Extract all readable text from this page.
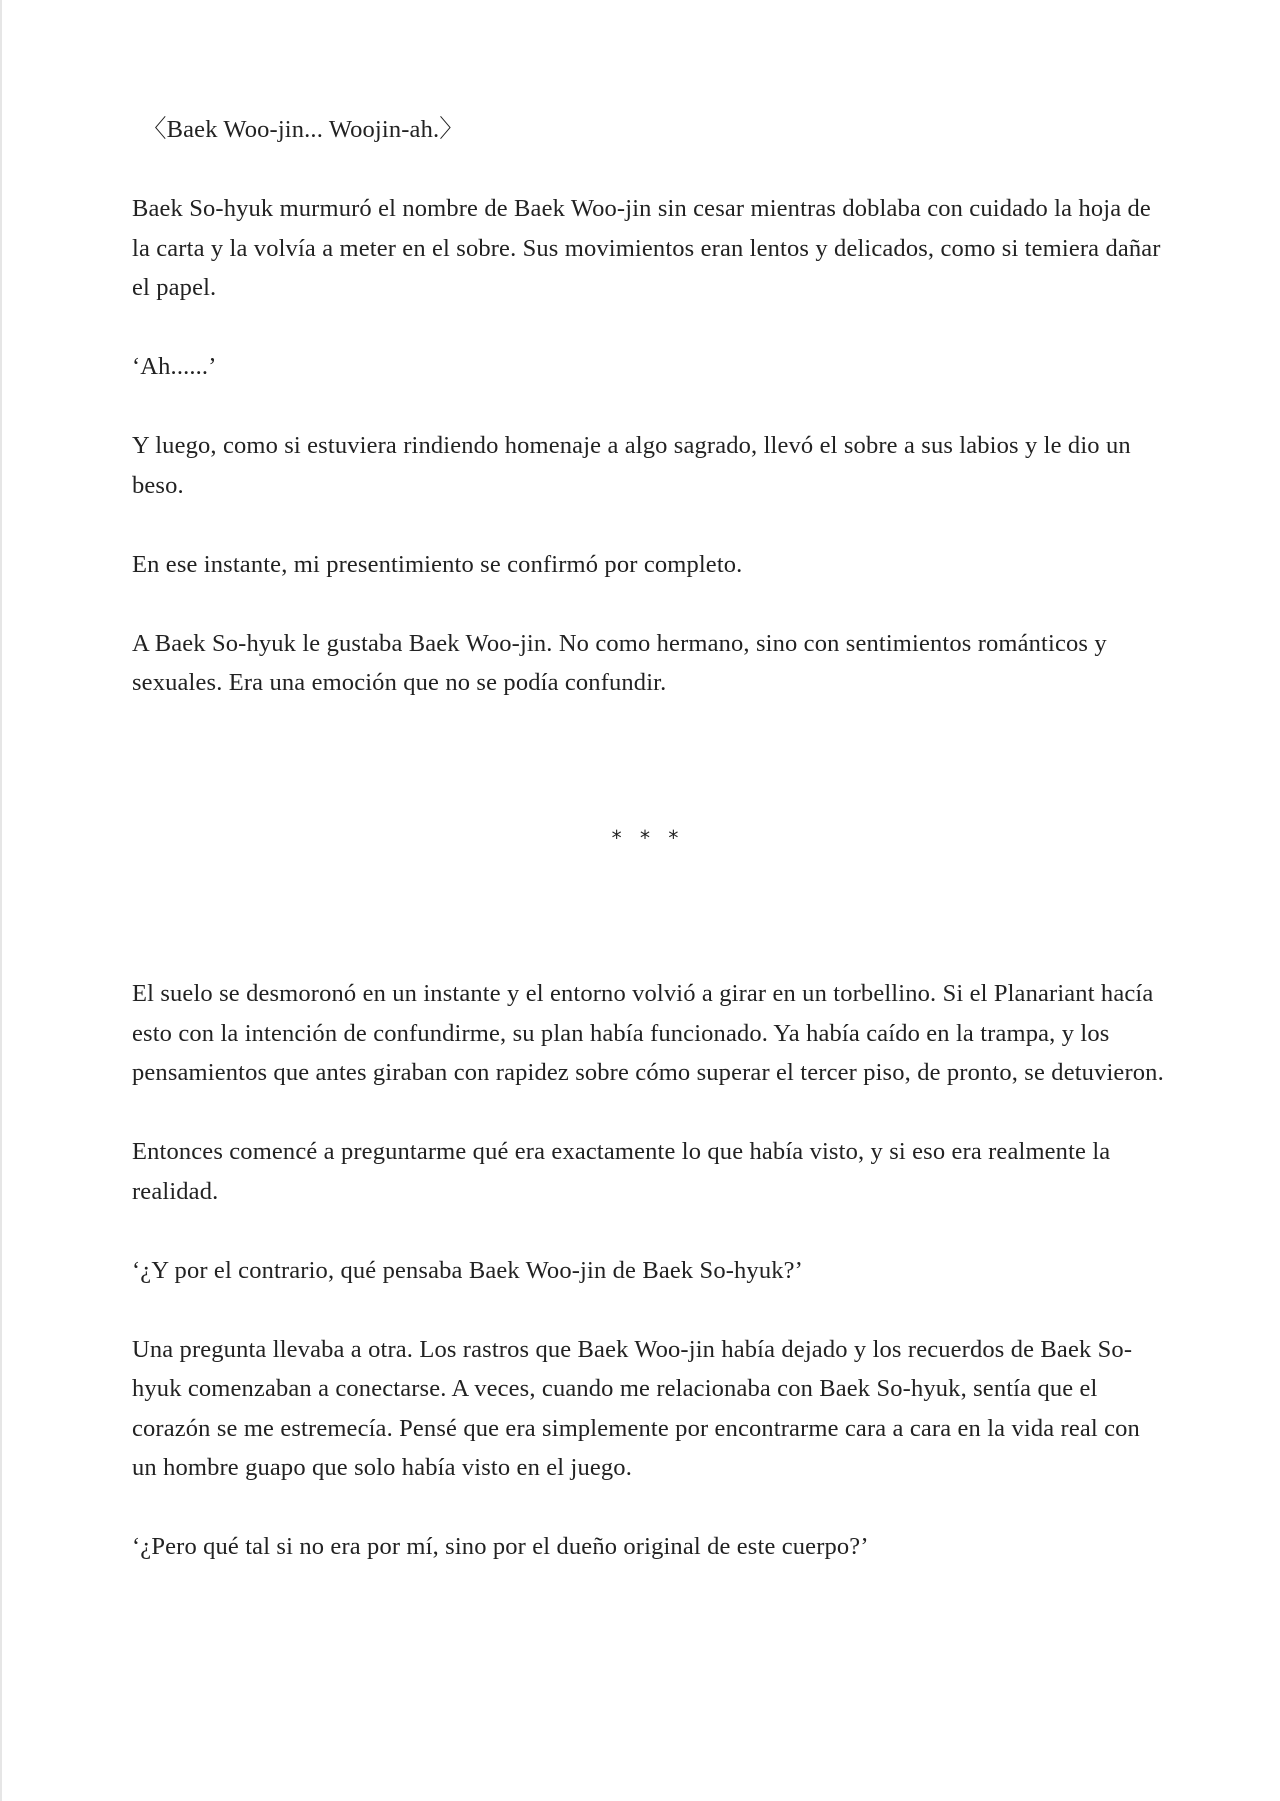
〈Baek Woo-jin... Woojin-ah.〉

Baek So-hyuk murmuró el nombre de Baek Woo-jin sin cesar mientras doblaba con cuidado la hoja de la carta y la volvía a meter en el sobre. Sus movimientos eran lentos y delicados, como si temiera dañar el papel.

‘Ah......’

Y luego, como si estuviera rindiendo homenaje a algo sagrado, llevó el sobre a sus labios y le dio un beso.

En ese instante, mi presentimiento se confirmó por completo.

A Baek So-hyuk le gustaba Baek Woo-jin. No como hermano, sino con sentimientos románticos y sexuales. Era una emoción que no se podía confundir.

* * *

El suelo se desmoronó en un instante y el entorno volvió a girar en un torbellino. Si el Planariant hacía esto con la intención de confundirme, su plan había funcionado. Ya había caído en la trampa, y los pensamientos que antes giraban con rapidez sobre cómo superar el tercer piso, de pronto, se detuvieron.

Entonces comencé a preguntarme qué era exactamente lo que había visto, y si eso era realmente la realidad.

‘¿Y por el contrario, qué pensaba Baek Woo-jin de Baek So-hyuk?’

Una pregunta llevaba a otra. Los rastros que Baek Woo-jin había dejado y los recuerdos de Baek So-hyuk comenzaban a conectarse. A veces, cuando me relacionaba con Baek So-hyuk, sentía que el corazón se me estremecía. Pensé que era simplemente por encontrarme cara a cara en la vida real con un hombre guapo que solo había visto en el juego.

‘¿Pero qué tal si no era por mí, sino por el dueño original de este cuerpo?’
